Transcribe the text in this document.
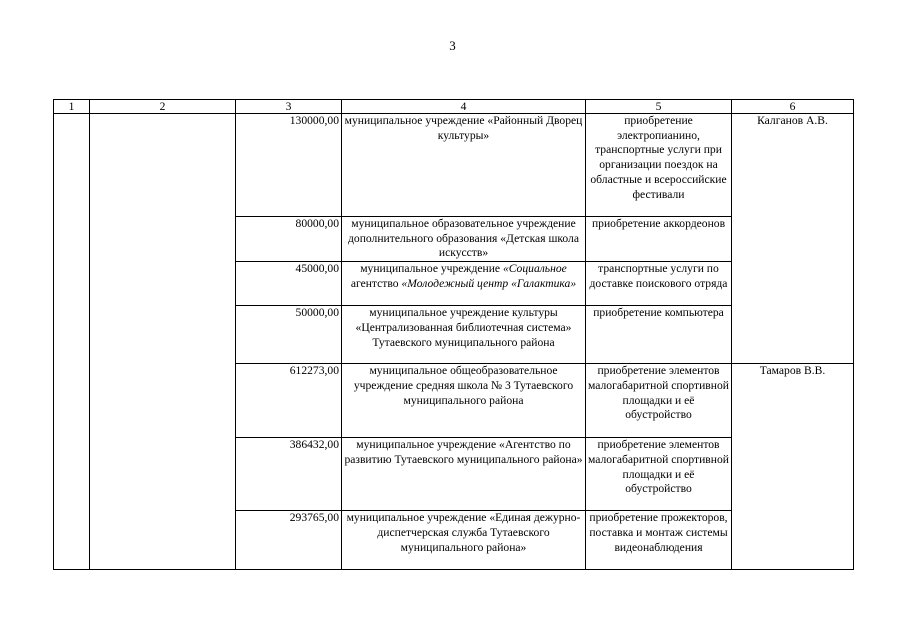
3
1	2	3	4	5	6
		130000,00	муниципальное учреждение «Районный Дворец культуры»	приобретение электропианино, транспортные услуги при организации поездок на областные и всероссийские фестивали	Калганов А.В.
		80000,00	муниципальное образовательное учреждение дополнительного образования «Детская школа искусств»	приобретение аккордеонов	
		45000,00	муниципальное учреждение «Социальное агентство «Молодежный центр «Галактика»	транспортные услуги по доставке поискового отряда	
		50000,00	муниципальное учреждение культуры «Централизованная библиотечная система» Тутаевского муниципального района	приобретение компьютера	
		612273,00	муниципальное общеобразовательное учреждение средняя школа № 3 Тутаевского муниципального района	приобретение элементов малогабаритной спортивной площадки и её обустройство	Тамаров В.В.
		386432,00	муниципальное учреждение «Агентство по развитию Тутаевского муниципального района»	приобретение элементов малогабаритной спортивной площадки и её обустройство	
		293765,00	муниципальное учреждение «Единая дежурно-диспетчерская служба Тутаевского муниципального района»	приобретение прожекторов, поставка и монтаж системы видеонаблюдения	
